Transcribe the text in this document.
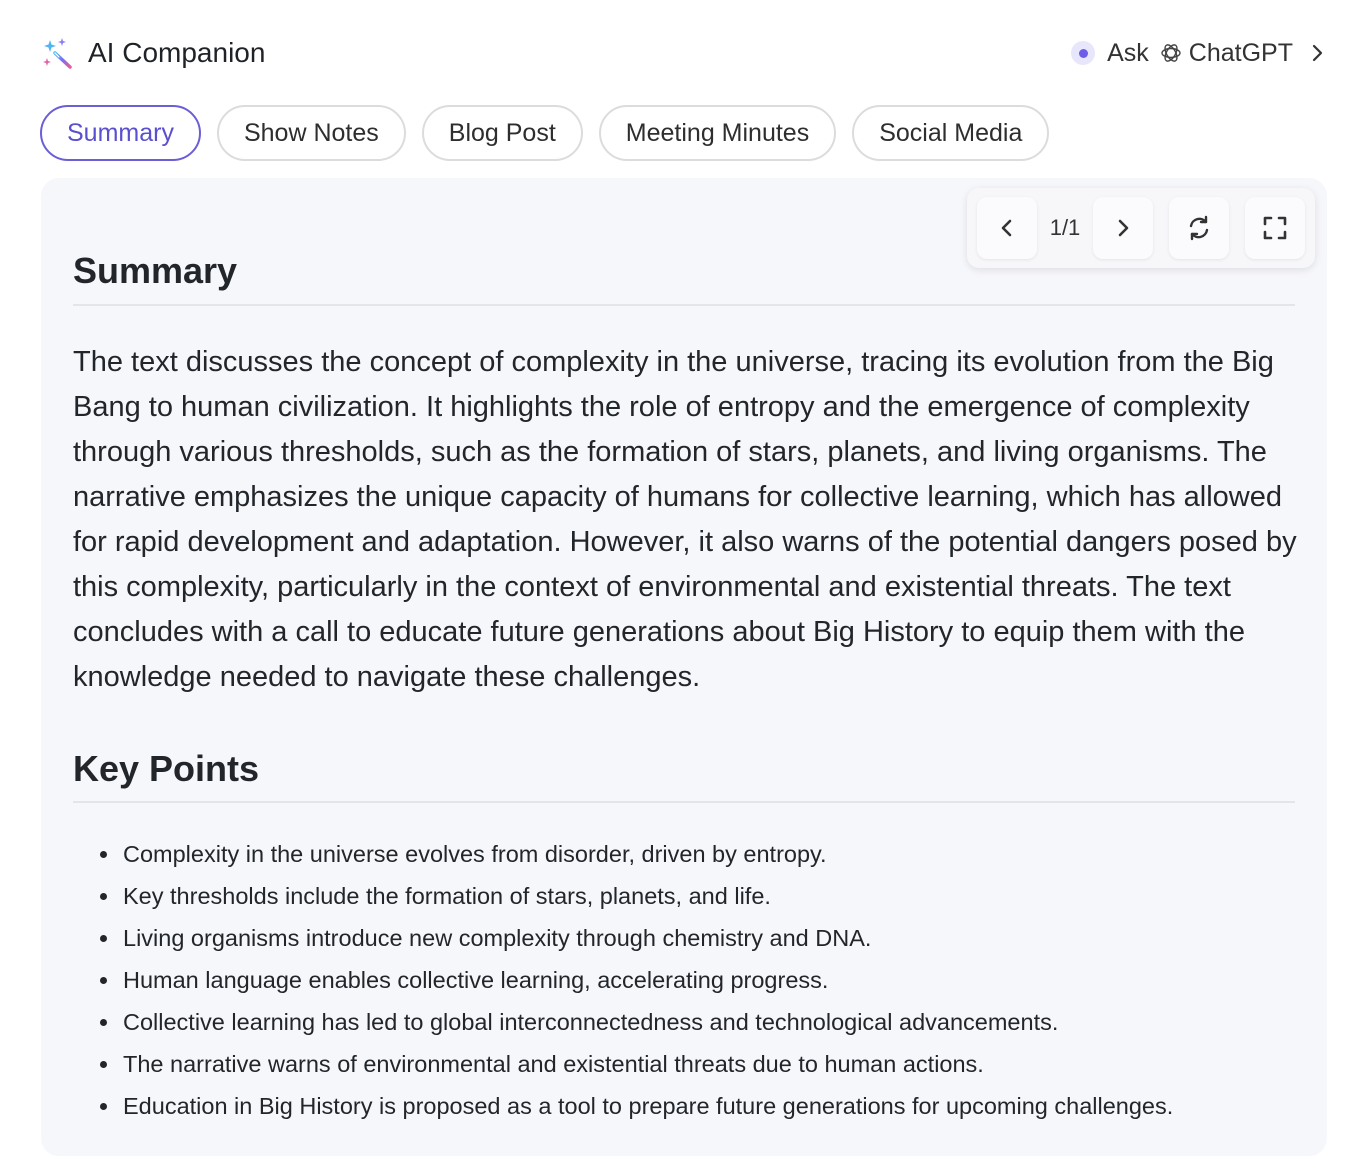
AI Companion	Ask ChatGPT
Summary	Show Notes	Blog Post	Meeting Minutes	Social Media
1/1
Summary
The text discusses the concept of complexity in the universe, tracing its evolution from the Big Bang to human civilization. It highlights the role of entropy and the emergence of complexity through various thresholds, such as the formation of stars, planets, and living organisms. The narrative emphasizes the unique capacity of humans for collective learning, which has allowed for rapid development and adaptation. However, it also warns of the potential dangers posed by this complexity, particularly in the context of environmental and existential threats. The text concludes with a call to educate future generations about Big History to equip them with the knowledge needed to navigate these challenges.
Key Points
• Complexity in the universe evolves from disorder, driven by entropy.
• Key thresholds include the formation of stars, planets, and life.
• Living organisms introduce new complexity through chemistry and DNA.
• Human language enables collective learning, accelerating progress.
• Collective learning has led to global interconnectedness and technological advancements.
• The narrative warns of environmental and existential threats due to human actions.
• Education in Big History is proposed as a tool to prepare future generations for upcoming challenges.
